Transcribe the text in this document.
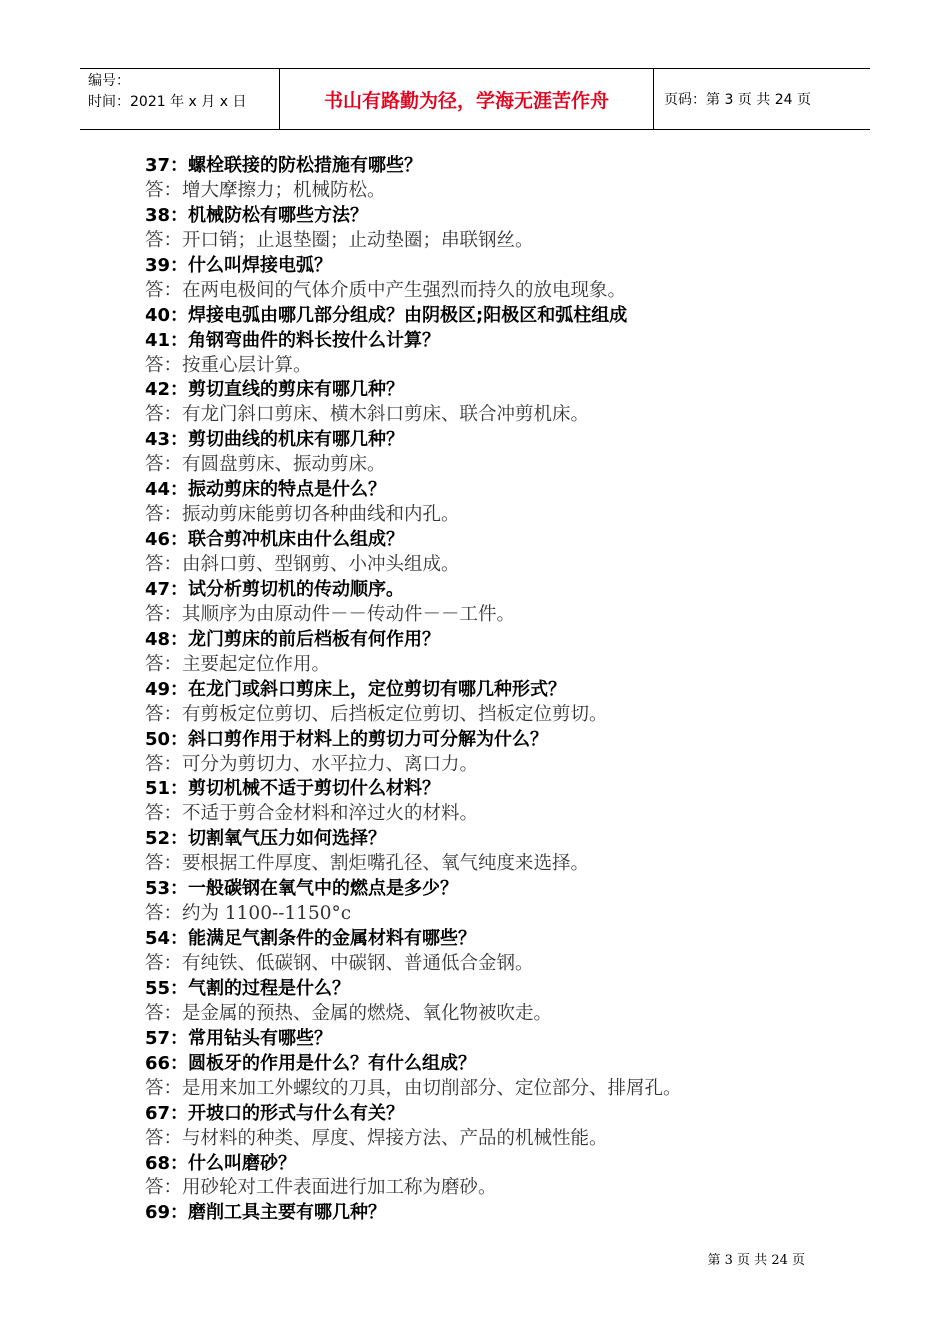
编号：
时间：2021 年 x 月 x 日	书山有路勤为径，学海无涯苦作舟	页码：第 3 页 共 24 页
37：螺栓联接的防松措施有哪些？
答：增大摩擦力；机械防松。
38：机械防松有哪些方法？
答：开口销；止退垫圈；止动垫圈；串联钢丝。
39：什么叫焊接电弧？
答：在两电极间的气体介质中产生强烈而持久的放电现象。
40：焊接电弧由哪几部分组成？由阴极区;阳极区和弧柱组成
41：角钢弯曲件的料长按什么计算？
答：按重心层计算。
42：剪切直线的剪床有哪几种？
答：有龙门斜口剪床、横木斜口剪床、联合冲剪机床。
43：剪切曲线的机床有哪几种？
答：有圆盘剪床、振动剪床。
44：振动剪床的特点是什么？
答：振动剪床能剪切各种曲线和内孔。
46：联合剪冲机床由什么组成？
答：由斜口剪、型钢剪、小冲头组成。
47：试分析剪切机的传动顺序。
答：其顺序为由原动件－－传动件－－工件。
48：龙门剪床的前后档板有何作用？
答：主要起定位作用。
49：在龙门或斜口剪床上，定位剪切有哪几种形式？
答：有剪板定位剪切、后挡板定位剪切、挡板定位剪切。
50：斜口剪作用于材料上的剪切力可分解为什么？
答：可分为剪切力、水平拉力、离口力。
51：剪切机械不适于剪切什么材料？
答：不适于剪合金材料和淬过火的材料。
52：切割氧气压力如何选择？
答：要根据工件厚度、割炬嘴孔径、氧气纯度来选择。
53：一般碳钢在氧气中的燃点是多少？
答：约为 1100--1150°c
54：能满足气割条件的金属材料有哪些？
答：有纯铁、低碳钢、中碳钢、普通低合金钢。
55：气割的过程是什么？
答：是金属的预热、金属的燃烧、氧化物被吹走。
57：常用钻头有哪些？
66：圆板牙的作用是什么？有什么组成？
答：是用来加工外螺纹的刀具，由切削部分、定位部分、排屑孔。
67：开坡口的形式与什么有关？
答：与材料的种类、厚度、焊接方法、产品的机械性能。
68：什么叫磨砂？
答：用砂轮对工件表面进行加工称为磨砂。
69：磨削工具主要有哪几种？
第 3 页 共 24 页
